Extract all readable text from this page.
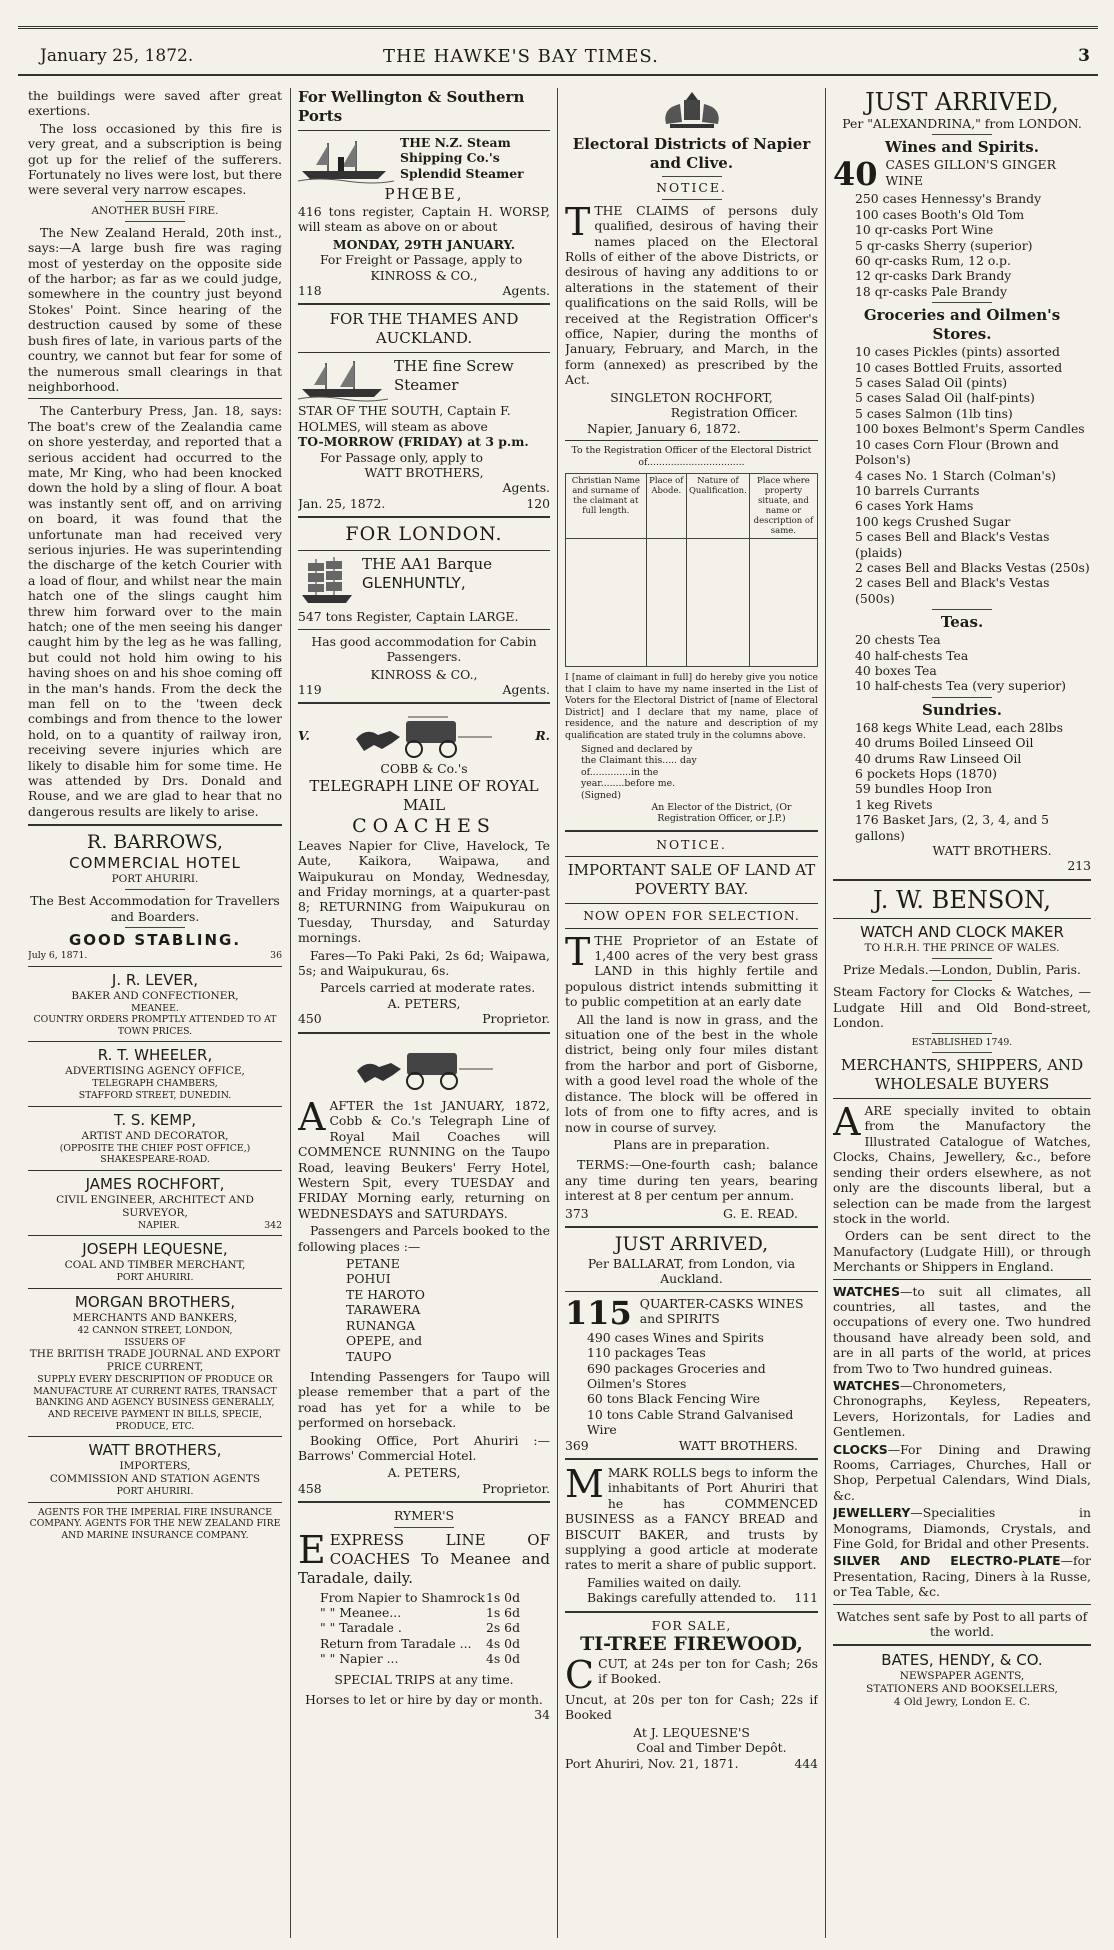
January 25, 1872.	THE HAWKE'S BAY TIMES.	3

the buildings were saved after great exertions.

The loss occasioned by this fire is very great, and a subscription is being got up for the relief of the sufferers. Fortunately no lives were lost, but there were several very narrow escapes.

ANOTHER BUSH FIRE.

The New Zealand Herald, 20th inst., says:—A large bush fire was raging most of yesterday on the opposite side of the harbor; as far as we could judge, somewhere in the country just beyond Stokes' Point. Since hearing of the destruction caused by some of these bush fires of late, in various parts of the country, we cannot but fear for some of the numerous small clearings in that neighborhood.

The Canterbury Press, Jan. 18, says: The boat's crew of the Zealandia came on shore yesterday, and reported that a serious accident had occurred to the mate, Mr King, who had been knocked down the hold by a sling of flour. A boat was instantly sent off, and on arriving on board, it was found that the unfortunate man had received very serious injuries. He was superintending the discharge of the ketch Courier with a load of flour, and whilst near the main hatch one of the slings caught him threw him forward over to the main hatch; one of the men seeing his danger caught him by the leg as he was falling, but could not hold him owing to his having shoes on and his shoe coming off in the man's hands. From the deck the man fell on to the 'tween deck combings and from thence to the lower hold, on to a quantity of railway iron, receiving severe injuries which are likely to disable him for some time. He was attended by Drs. Donald and Rouse, and we are glad to hear that no dangerous results are likely to arise.

R. BARROWS,
COMMERCIAL HOTEL
PORT AHURIRI.
The Best Accommodation for Travellers and Boarders.
GOOD STABLING.
July 6, 1871.	36
J. R. LEVER,
BAKER AND CONFECTIONER,
MEANEE.
COUNTRY ORDERS PROMPTLY ATTENDED TO AT TOWN PRICES.
R. T. WHEELER,
ADVERTISING AGENCY OFFICE,
TELEGRAPH CHAMBERS,
STAFFORD STREET, DUNEDIN.
T. S. KEMP,
ARTIST AND DECORATOR,
(OPPOSITE THE CHIEF POST OFFICE,)
SHAKESPEARE-ROAD.
JAMES ROCHFORT,
CIVIL ENGINEER, ARCHITECT AND SURVEYOR,
NAPIER.	342
JOSEPH LEQUESNE,
COAL AND TIMBER MERCHANT,
PORT AHURIRI.
MORGAN BROTHERS,
MERCHANTS AND BANKERS,
42 CANNON STREET, LONDON,
ISSUERS OF
THE BRITISH TRADE JOURNAL AND EXPORT PRICE CURRENT,
SUPPLY EVERY DESCRIPTION OF PRODUCE OR MANUFACTURE AT CURRENT RATES, TRANSACT BANKING AND AGENCY BUSINESS GENERALLY, AND RECEIVE PAYMENT IN BILLS, SPECIE, PRODUCE, ETC.
WATT BROTHERS,
IMPORTERS,
COMMISSION AND STATION AGENTS
PORT AHURIRI.
AGENTS FOR THE IMPERIAL FIRE INSURANCE COMPANY. AGENTS FOR THE NEW ZEALAND FIRE AND MARINE INSURANCE COMPANY.
For Wellington & Southern Ports
THE N.Z. Steam Shipping Co.'s Splendid Steamer
PHŒBE,

416 tons register, Captain H. WORSP, will steam as above on or about

MONDAY, 29TH JANUARY.
For Freight or Passage, apply to
KINROSS & CO.,
118	Agents.
FOR THE THAMES AND AUCKLAND.
THE fine Screw Steamer
STAR OF THE SOUTH, Captain F. HOLMES, will steam as above
TO-MORROW (FRIDAY) at 3 p.m.
For Passage only, apply to
WATT BROTHERS,
Agents.
Jan. 25, 1872.	120
FOR LONDON.
THE AA1 Barque
GLENHUNTLY,
547 tons Register, Captain LARGE.

Has good accommodation for Cabin Passengers.

KINROSS & CO.,
119	Agents.
V.	R.
COBB & Co.'s
TELEGRAPH LINE OF ROYAL MAIL
COACHES

Leaves Napier for Clive, Havelock, Te Aute, Kaikora, Waipawa, and Waipukurau on Monday, Wednesday, and Friday mornings, at a quarter-past 8; RETURNING from Waipukurau on Tuesday, Thursday, and Saturday mornings.

Fares—To Paki Paki, 2s 6d; Waipawa, 5s; and Waipukurau, 6s.

Parcels carried at moderate rates.
A. PETERS,
450	Proprietor.

AAFTER the 1st JANUARY, 1872, Cobb & Co.'s Telegraph Line of Royal Mail Coaches will COMMENCE RUNNING on the Taupo Road, leaving Beukers' Ferry Hotel, Western Spit, every TUESDAY and FRIDAY Morning early, returning on WEDNESDAYS and SATURDAYS.

Passengers and Parcels booked to the following places :—

PETANE
POHUI
TE HAROTO
TARAWERA
RUNANGA
OPEPE, and
TAUPO

Intending Passengers for Taupo will please remember that a part of the road has yet for a while to be performed on horseback.

Booking Office, Port Ahuriri :—Barrows' Commercial Hotel.

A. PETERS,
458	Proprietor.
RYMER'S

EEXPRESS LINE OF COACHES To Meanee and Taradale, daily.

From Napier to Shamrock 1s 0d
" " Meanee...	1s 6d
" " Taradale .	2s 6d
Return from Taradale ... 4s 0d
" " Napier ...	4s 0d
SPECIAL TRIPS at any time.
Horses to let or hire by day or month.
34
Electoral Districts of Napier and Clive.
NOTICE.

TTHE CLAIMS of persons duly qualified, desirous of having their names placed on the Electoral Rolls of either of the above Districts, or desirous of having any additions to or alterations in the statement of their qualifications on the said Rolls, will be received at the Registration Officer's office, Napier, during the months of January, February, and March, in the form (annexed) as prescribed by the Act.

SINGLETON ROCHFORT,
Registration Officer.
Napier, January 6, 1872.
To the Registration Officer of the Electoral District of.................................
Christian Name and surname of the claimant at full length.	Place of Abode.	Nature of Qualification.	Place where property situate, and name or description of same.

I [name of claimant in full] do hereby give you notice that I claim to have my name inserted in the List of Voters for the Electoral District of [name of Electoral District] and I declare that my name, place of residence, and the nature and description of my qualification are stated truly in the columns above.

Signed and declared by the Claimant this..... day of..............in the year........before me. (Signed)
An Elector of the District, (Or Registration Officer, or J.P.)
NOTICE.
IMPORTANT SALE OF LAND AT POVERTY BAY.
NOW OPEN FOR SELECTION.

TTHE Proprietor of an Estate of 1,400 acres of the very best grass LAND in this highly fertile and populous district intends submitting it to public competition at an early date

All the land is now in grass, and the situation one of the best in the whole district, being only four miles distant from the harbor and port of Gisborne, with a good level road the whole of the distance. The block will be offered in lots of from one to fifty acres, and is now in course of survey.

Plans are in preparation.

TERMS:—One-fourth cash; balance any time during ten years, bearing interest at 8 per centum per annum.

373	G. E. READ.
JUST ARRIVED,
Per BALLARAT, from London, via Auckland.
115 QUARTER-CASKS WINES and SPIRITS
490 cases Wines and Spirits
110 packages Teas
690 packages Groceries and Oilmen's Stores
60 tons Black Fencing Wire
10 tons Cable Strand Galvanised Wire
369	WATT BROTHERS.

MMARK ROLLS begs to inform the inhabitants of Port Ahuriri that he has COMMENCED BUSINESS as a FANCY BREAD and BISCUIT BAKER, and trusts by supplying a good article at moderate rates to merit a share of public support.

Families waited on daily.
Bakings carefully attended to. 111
FOR SALE,
TI-TREE FIREWOOD,

CCUT, at 24s per ton for Cash; 26s if Booked.

Uncut, at 20s per ton for Cash; 22s if Booked

At J. LEQUESNE'S
Coal and Timber Depôt.
Port Ahuriri, Nov. 21, 1871.	444
JUST ARRIVED,
Per "ALEXANDRINA," from LONDON.
Wines and Spirits.
40 CASES GILLON'S GINGER WINE
250 cases Hennessy's Brandy
100 cases Booth's Old Tom
10 qr-casks Port Wine
5 qr-casks Sherry (superior)
60 qr-casks Rum, 12 o.p.
12 qr-casks Dark Brandy
18 qr-casks Pale Brandy
Groceries and Oilmen's Stores.
10 cases Pickles (pints) assorted
10 cases Bottled Fruits, assorted
5 cases Salad Oil (pints)
5 cases Salad Oil (half-pints)
5 cases Salmon (1lb tins)
100 boxes Belmont's Sperm Candles
10 cases Corn Flour (Brown and Polson's)
4 cases No. 1 Starch (Colman's)
10 barrels Currants
6 cases York Hams
100 kegs Crushed Sugar
5 cases Bell and Black's Vestas (plaids)
2 cases Bell and Blacks Vestas (250s)
2 cases Bell and Black's Vestas (500s)
Teas.
20 chests Tea
40 half-chests Tea
40 boxes Tea
10 half-chests Tea (very superior)
Sundries.
168 kegs White Lead, each 28lbs
40 drums Boiled Linseed Oil
40 drums Raw Linseed Oil
6 pockets Hops (1870)
59 bundles Hoop Iron
1 keg Rivets
176 Basket Jars, (2, 3, 4, and 5 gallons)
WATT BROTHERS.
213
J. W. BENSON,
WATCH AND CLOCK MAKER
TO H.R.H. THE PRINCE OF WALES.
Prize Medals.—London, Dublin, Paris.

Steam Factory for Clocks & Watches, —Ludgate Hill and Old Bond-street, London.

ESTABLISHED 1749.
MERCHANTS, SHIPPERS, AND WHOLESALE BUYERS

AARE specially invited to obtain from the Manufactory the Illustrated Catalogue of Watches, Clocks, Chains, Jewellery, &c., before sending their orders elsewhere, as not only are the discounts liberal, but a selection can be made from the largest stock in the world.

Orders can be sent direct to the Manufactory (Ludgate Hill), or through Merchants or Shippers in England.

WATCHES—to suit all climates, all countries, all tastes, and the occupations of every one. Two hundred thousand have already been sold, and are in all parts of the world, at prices from Two to Two hundred guineas.

WATCHES—Chronometers, Chronographs, Keyless, Repeaters, Levers, Horizontals, for Ladies and Gentlemen.

CLOCKS—For Dining and Drawing Rooms, Carriages, Churches, Hall or Shop, Perpetual Calendars, Wind Dials, &c.

JEWELLERY—Specialities in Monograms, Diamonds, Crystals, and Fine Gold, for Bridal and other Presents.

SILVER AND ELECTRO-PLATE—for Presentation, Racing, Diners à la Russe, or Tea Table, &c.

Watches sent safe by Post to all parts of the world.
BATES, HENDY, & CO.
NEWSPAPER AGENTS,
STATIONERS AND BOOKSELLERS,
4 Old Jewry, London E. C.
